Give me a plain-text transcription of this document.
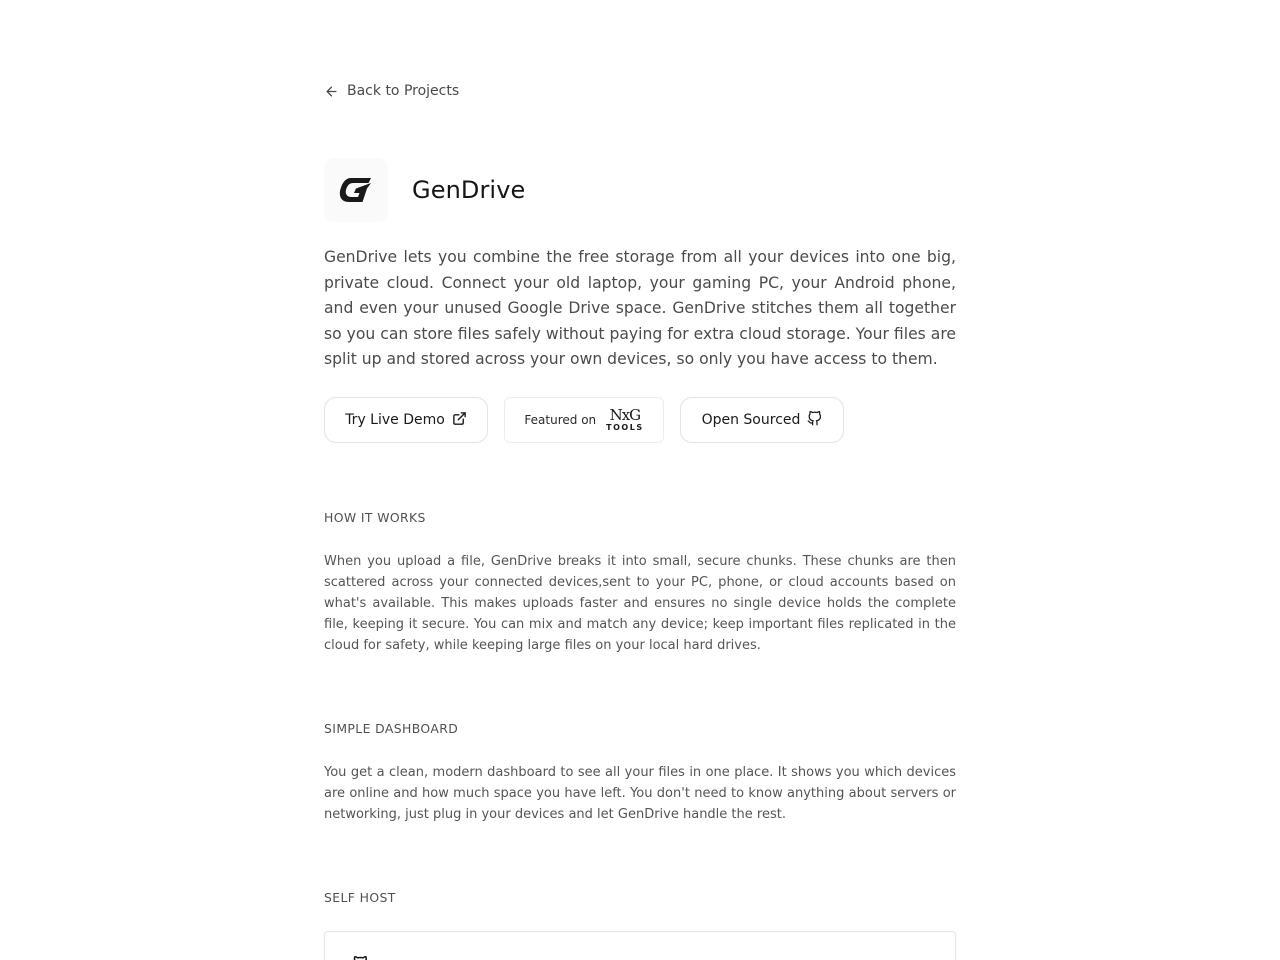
Back to Projects
GenDrive

GenDrive lets you combine the free storage from all your devices into one big, private cloud. Connect your old laptop, your gaming PC, your Android phone, and even your unused Google Drive space. GenDrive stitches them all together so you can store files safely without paying for extra cloud storage. Your files are split up and stored across your own devices, so only you have access to them.

Try Live Demo	Featured on NxG
TOOLS	Open Sourced
HOW IT WORKS

When you upload a file, GenDrive breaks it into small, secure chunks. These chunks are then scattered across your connected devices,sent to your PC, phone, or cloud accounts based on what's available. This makes uploads faster and ensures no single device holds the complete file, keeping it secure. You can mix and match any device; keep important files replicated in the cloud for safety, while keeping large files on your local hard drives.

SIMPLE DASHBOARD

You get a clean, modern dashboard to see all your files in one place. It shows you which devices are online and how much space you have left. You don't need to know anything about servers or networking, just plug in your devices and let GenDrive handle the rest.

SELF HOST
